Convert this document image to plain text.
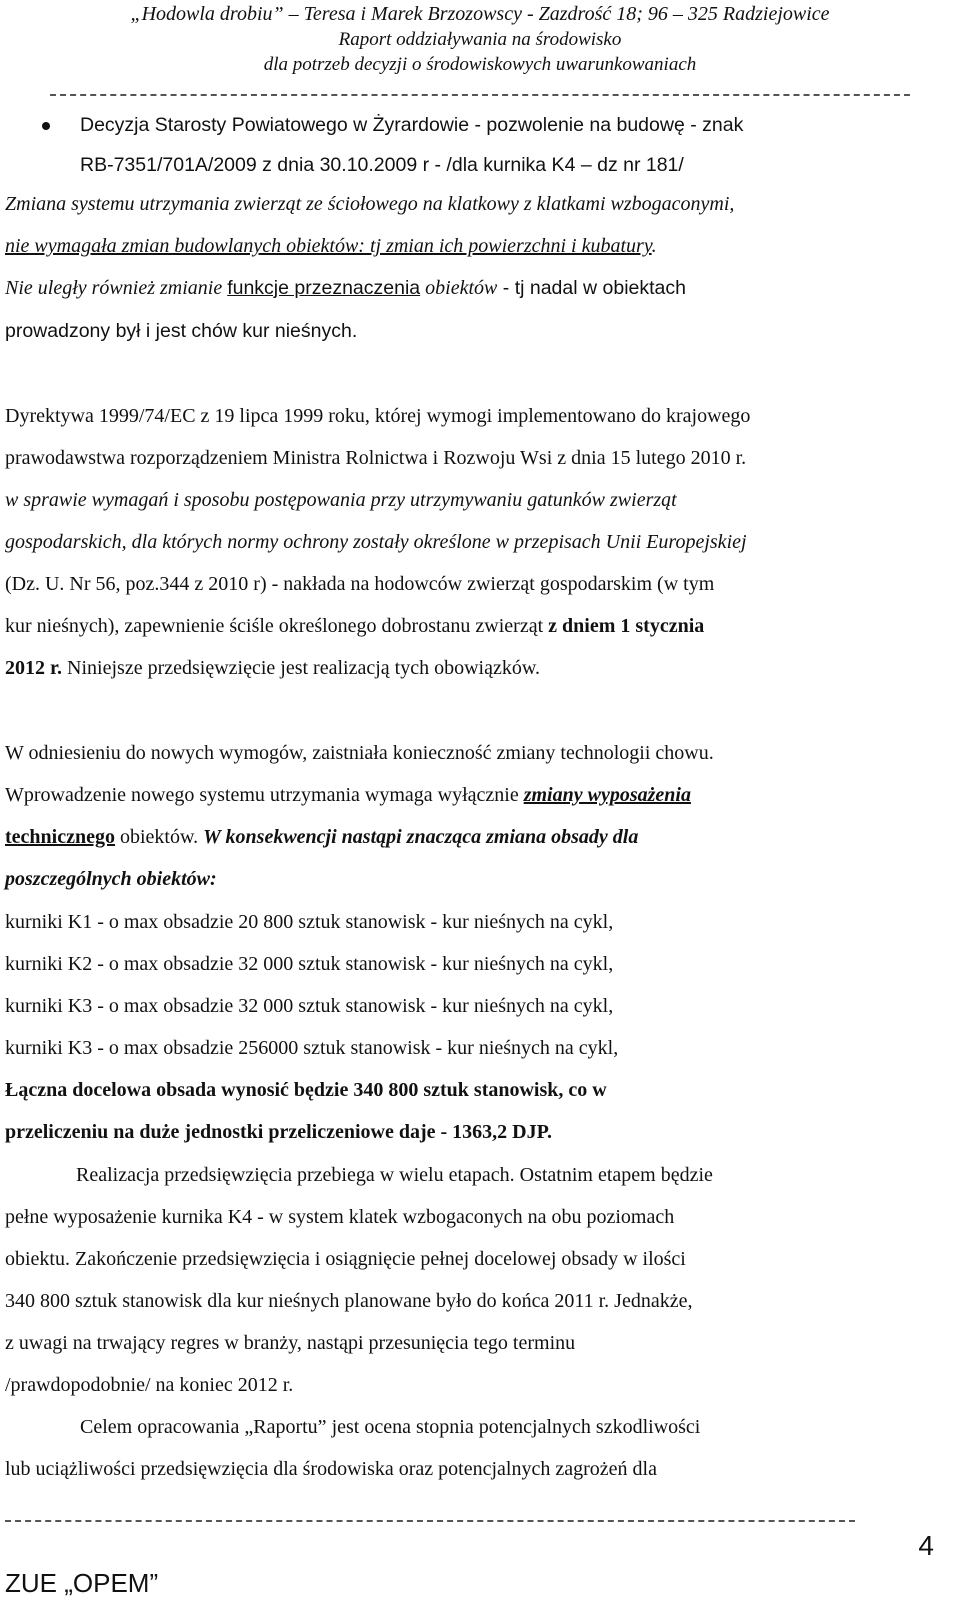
„Hodowla drobiu” – Teresa i Marek Brzozowscy - Zazdrość 18; 96 – 325 Radziejowice
Raport oddziaływania na środowisko
dla potrzeb decyzji o środowiskowych uwarunkowaniach
Decyzja Starosty Powiatowego w Żyrardowie - pozwolenie na budowę - znak
RB-7351/701A/2009 z dnia 30.10.2009 r - /dla kurnika K4 – dz nr 181/
Zmiana systemu utrzymania zwierząt ze ściołowego na klatkowy z klatkami wzbogaconymi,
nie wymagała zmian budowlanych obiektów: tj zmian ich powierzchni i kubatury.
Nie uległy również zmianie funkcje przeznaczenia obiektów - tj nadal w obiektach
prowadzony był i jest chów kur nieśnych.
Dyrektywa 1999/74/EC z 19 lipca 1999 roku, której wymogi implementowano do krajowego
prawodawstwa rozporządzeniem Ministra Rolnictwa i Rozwoju Wsi z dnia 15 lutego 2010 r.
w sprawie wymagań i sposobu postępowania przy utrzymywaniu gatunków zwierząt
gospodarskich, dla których normy ochrony zostały określone w przepisach Unii Europejskiej
(Dz. U. Nr 56, poz.344 z 2010 r) - nakłada na hodowców zwierząt gospodarskim (w tym
kur nieśnych), zapewnienie ściśle określonego dobrostanu zwierząt z dniem 1 stycznia
2012 r. Niniejsze przedsięwzięcie jest realizacją tych obowiązków.
W odniesieniu do nowych wymogów, zaistniała konieczność zmiany technologii chowu.
Wprowadzenie nowego systemu utrzymania wymaga wyłącznie zmiany wyposażenia
technicznego obiektów. W konsekwencji nastąpi znacząca zmiana obsady dla
poszczególnych obiektów:
kurniki K1 - o max obsadzie 20 800 sztuk stanowisk - kur nieśnych na cykl,
kurniki K2 - o max obsadzie 32 000 sztuk stanowisk - kur nieśnych na cykl,
kurniki K3 - o max obsadzie 32 000 sztuk stanowisk - kur nieśnych na cykl,
kurniki K3 - o max obsadzie 256000 sztuk stanowisk - kur nieśnych na cykl,
Łączna docelowa obsada wynosić będzie 340 800 sztuk stanowisk, co w
przeliczeniu na duże jednostki przeliczeniowe daje - 1363,2 DJP.
Realizacja przedsięwzięcia przebiega w wielu etapach. Ostatnim etapem będzie
pełne wyposażenie kurnika K4 - w system klatek wzbogaconych na obu poziomach
obiektu. Zakończenie przedsięwzięcia i osiągnięcie pełnej docelowej obsady w ilości
340 800 sztuk stanowisk dla kur nieśnych planowane było do końca 2011 r. Jednakże,
z uwagi na trwający regres w branży, nastąpi przesunięcia tego terminu
/prawdopodobnie/ na koniec 2012 r.
Celem opracowania „Raportu” jest ocena stopnia potencjalnych szkodliwości
lub uciążliwości przedsięwzięcia dla środowiska oraz potencjalnych zagrożeń dla
4
ZUE „OPEM”
